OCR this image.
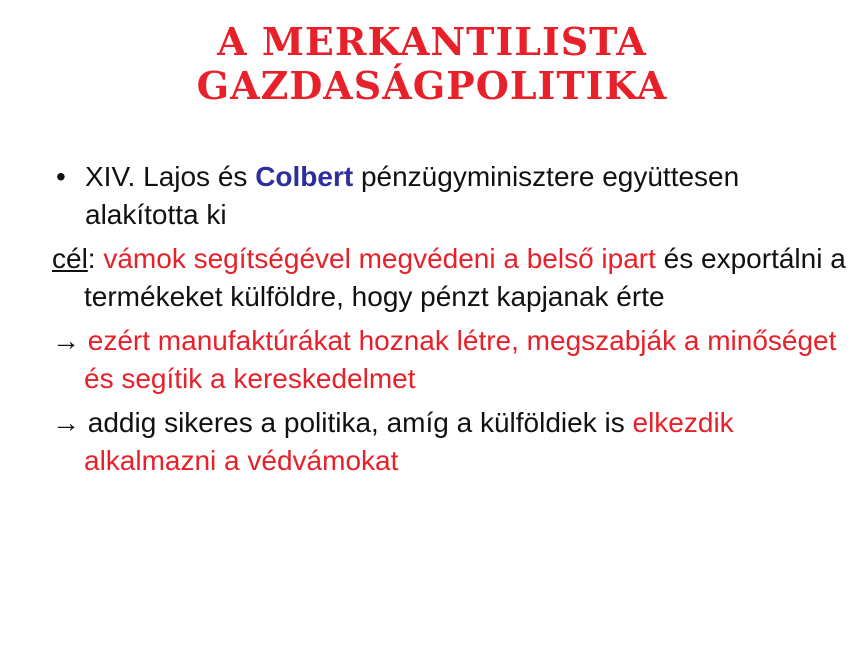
A MERKANTILISTA
GAZDASÁGPOLITIKA

• XIV. Lajos és Colbert pénzügyminisztere együttesen alakította ki

cél: vámok segítségével megvédeni a belső ipart és exportálni a termékeket külföldre, hogy pénzt kapjanak érte

→ ezért manufaktúrákat hoznak létre, megszabják a minőséget és segítik a kereskedelmet

→ addig sikeres a politika, amíg a külföldiek is elkezdik alkalmazni a védvámokat
